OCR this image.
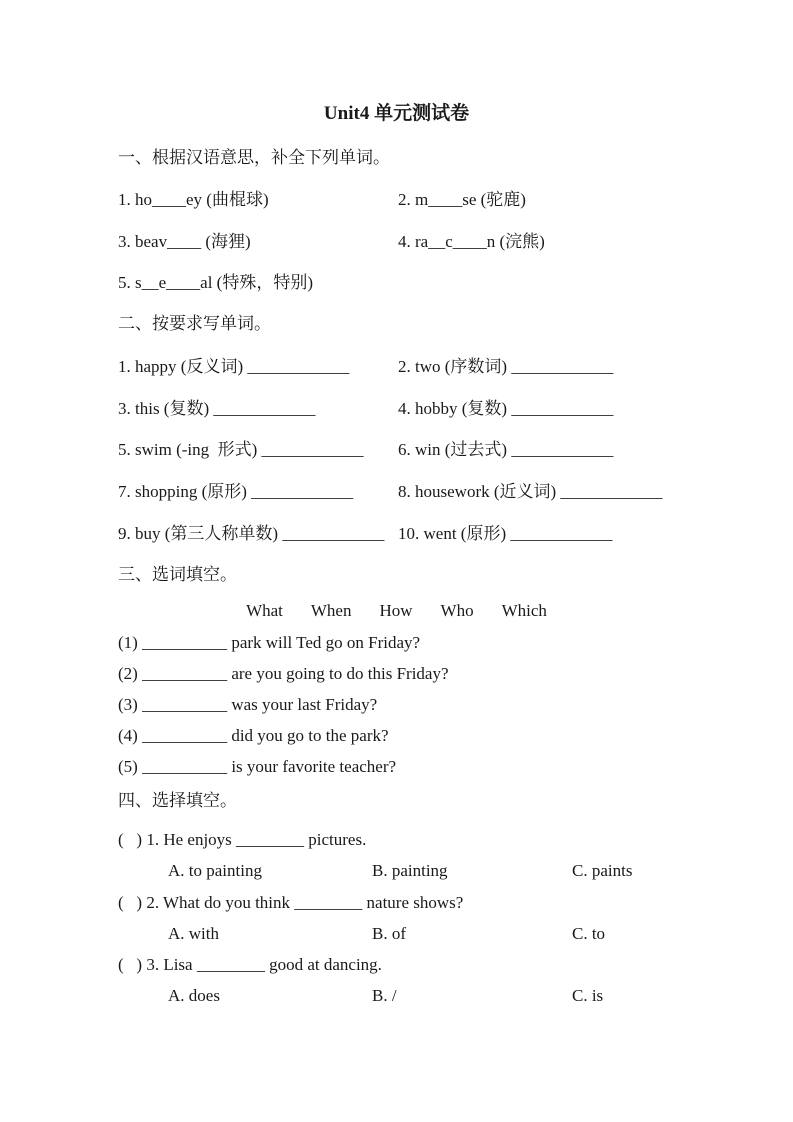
Unit4 单元测试卷
一、根据汉语意思，补全下列单词。
1. ho____ey (曲棍球)	2. m____se (驼鹿)
3. beav____ (海狸)	4. ra__c____n (浣熊)
5. s__e____al (特殊，特别)
二、按要求写单词。
1. happy (反义词) ____________	2. two (序数词) ____________
3. this (复数) ____________	4. hobby (复数) ____________
5. swim (-ing  形式) ____________ 6. win (过去式) ____________
7. shopping (原形) ____________	8. housework (近义词) ____________
9. buy (第三人称单数) ____________ 10. went (原形) ____________
三、选词填空。
What When How Who Which
(1) __________ park will Ted go on Friday?
(2) __________ are you going to do this Friday?
(3) __________ was your last Friday?
(4) __________ did you go to the park?
(5) __________ is your favorite teacher?
四、选择填空。
(   ) 1. He enjoys ________ pictures.
A. to painting	B. painting	C. paints
(   ) 2. What do you think ________ nature shows?
A. with	B. of	C. to
(   ) 3. Lisa ________ good at dancing.
A. does	B. /	C. is
